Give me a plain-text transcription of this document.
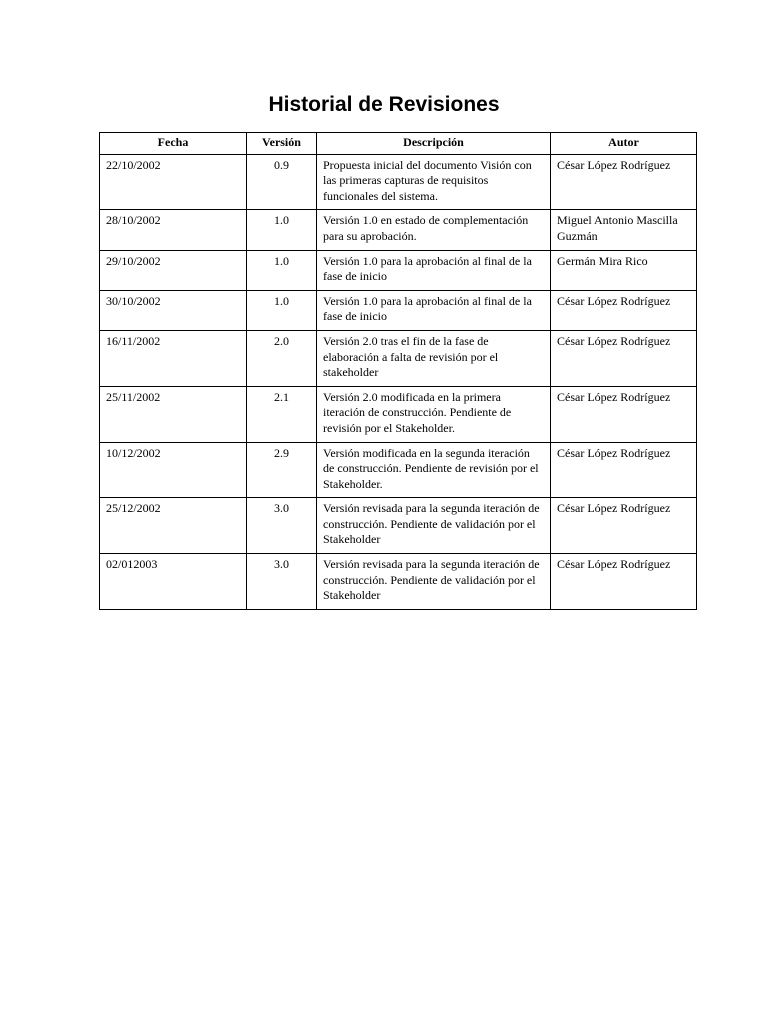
Historial de Revisiones
Fecha	Versión	Descripción	Autor
22/10/2002	0.9	Propuesta inicial del documento Visión con las primeras capturas de requisitos funcionales del sistema.	César López Rodríguez
28/10/2002	1.0	Versión 1.0 en estado de complementación para su aprobación.	Miguel Antonio Mascilla Guzmán
29/10/2002	1.0	Versión 1.0 para la aprobación al final de la fase de inicio	Germán Mira Rico
30/10/2002	1.0	Versión 1.0 para la aprobación al final de la fase de inicio	César López Rodríguez
16/11/2002	2.0	Versión 2.0 tras el fin de la fase de elaboración a falta de revisión por el stakeholder	César López Rodríguez
25/11/2002	2.1	Versión 2.0 modificada en la primera iteración de construcción. Pendiente de revisión por el Stakeholder.	César López Rodríguez
10/12/2002	2.9	Versión modificada en la segunda iteración de construcción. Pendiente de revisión por el Stakeholder.	César López Rodríguez
25/12/2002	3.0	Versión revisada para la segunda iteración de construcción. Pendiente de validación por el Stakeholder	César López Rodríguez
02/012003	3.0	Versión revisada para la segunda iteración de construcción. Pendiente de validación por el Stakeholder	César López Rodríguez
